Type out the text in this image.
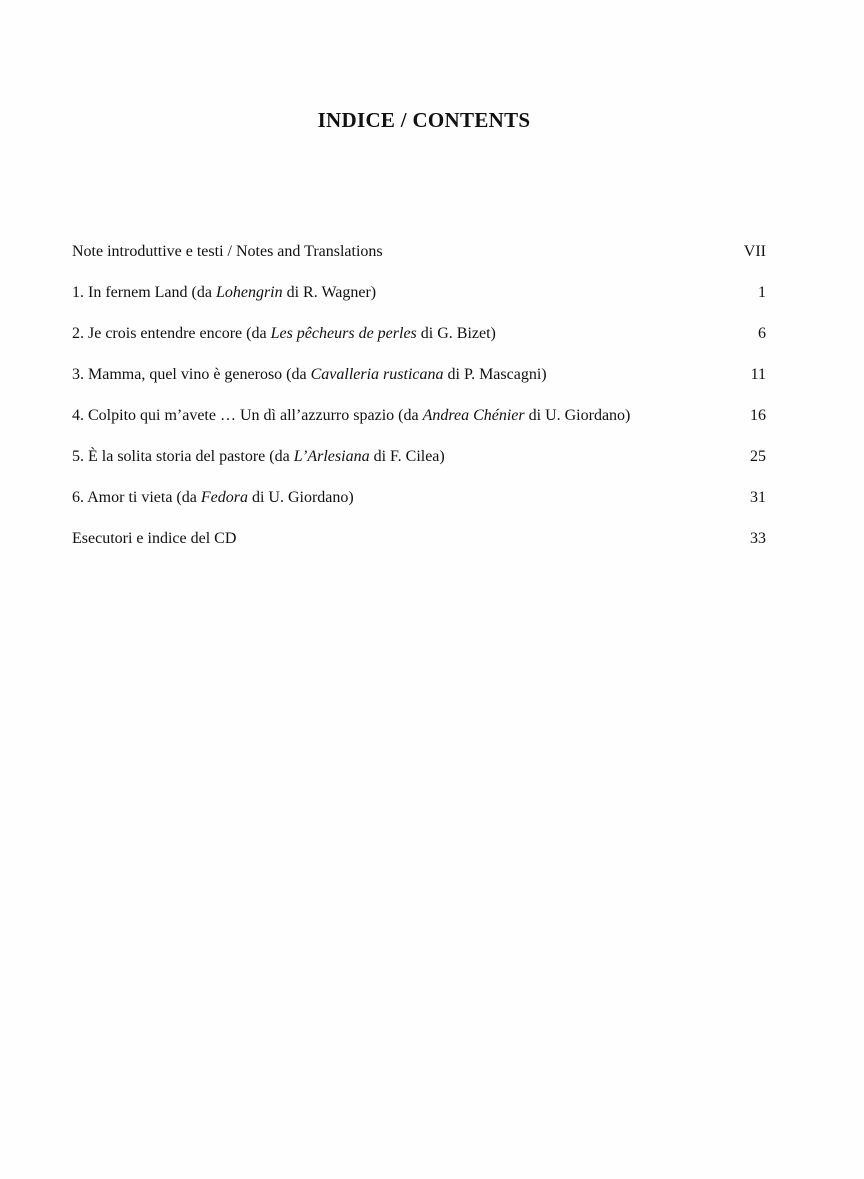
INDICE / CONTENTS
Note introduttive e testi / Notes and Translations	VII
1. In fernem Land (da Lohengrin di R. Wagner)	1
2. Je crois entendre encore (da Les pêcheurs de perles di G. Bizet)	6
3. Mamma, quel vino è generoso (da Cavalleria rusticana di P. Mascagni)	11
4. Colpito qui m’avete … Un dì all’azzurro spazio (da Andrea Chénier di U. Giordano)	16
5. È la solita storia del pastore (da L’Arlesiana di F. Cilea)	25
6. Amor ti vieta (da Fedora di U. Giordano)	31
Esecutori e indice del CD	33
